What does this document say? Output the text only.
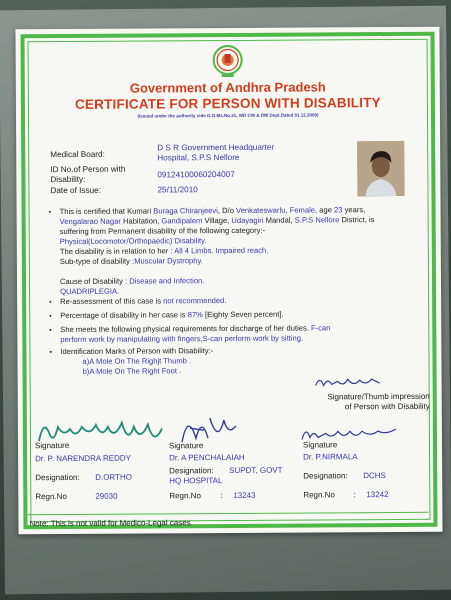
Government of Andhra Pradesh
CERTIFICATE FOR PERSON WITH DISABILITY
(Issued under the authority vide G.O.Ms.No.31, WD CW & DW Dept.Dated 01.12.2009)
Medical Board:
D S R Government Headquarter
Hospital, S.P.S Nellore
ID No.of Person with
Disability:
09124100060204007
Date of Issue:	25/11/2010
• This is certified that Kumari Buraga Chiranjeevi, D/o Venkateswarlu, Female, age 23 years, Vengalarao Nagar Habitation, Gandipalem Village, Udayagiri Mandal, S.P.S Nellore District, is suffering from Permanent disability of the following category:-
Physical(Locomotor/Orthopaedic) Disability.
The disability is in relation to her : All 4 Limbs. Impaired reach.
Sub-type of disability :Muscular Dystrophy.
Cause of Disability : Disease and Infection.
QUADRIPLEGIA.
• Re-assessment of this case is not recommended.
• Percentage of disability in her case is 87% [Eighty Seven percent].
• She meets the following physical requirements for discharge of her duties. F-can
perform work by manipulating with fingers,S-can perform work by sitting.
• Identification Marks of Person with Disability:-
a)A Mole On The Righjt Thumb .
b)A Mole On The Right Foot .
Signature/Thumb impression
of Person with Disability
Signature
Dr. P. NARENDRA REDDY
Designation: D.ORTHO
Regn.No	29030
Signature
Dr. A PENCHALAIAH
Designation: SUPDT, GOVT
HQ HOSPITAL
Regn.No : 13243
Signature
Dr. P.NIRMALA
Designation: DCHS
Regn.No : 13242
Note: This is not valid for Medico-Legal cases.
